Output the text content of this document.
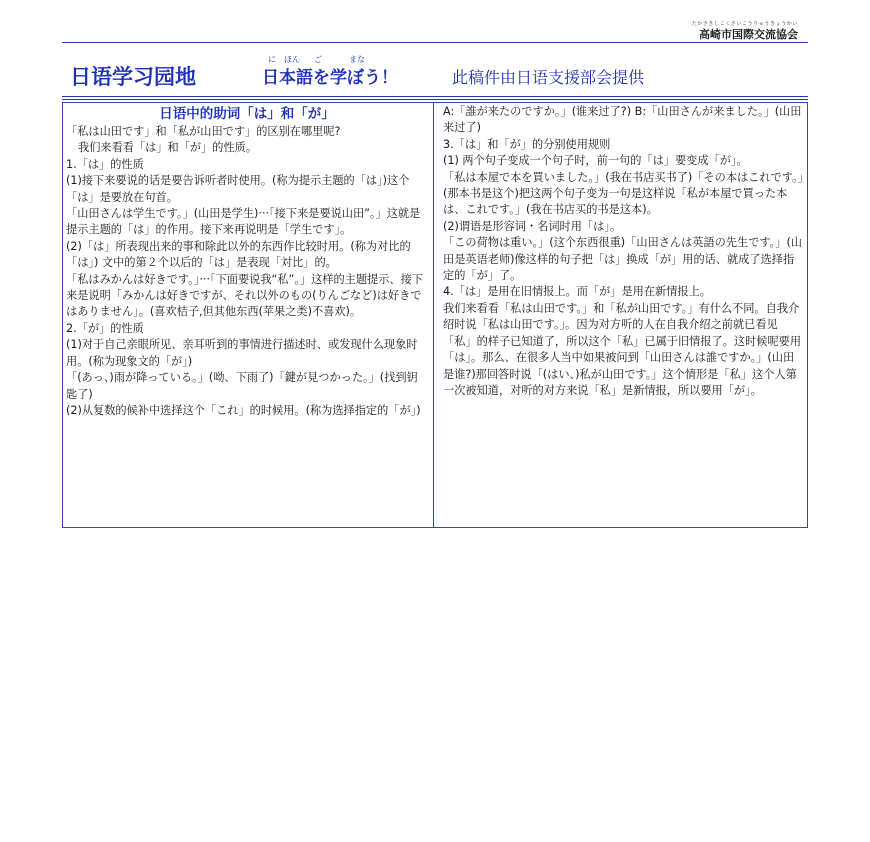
たかさきしこくさいこうりゅうきょうかい
高崎市国際交流協会
日语学习园地
に ほん ご	まな
日本語を学ぼう！	此稿件由日语支援部会提供
日语中的助词「は」和「が」

「私は山田です」和「私が山田です」的区别在哪里呢?

我们来看看「は」和「が」的性质。

1.「は」的性质

(1)接下来要说的话是要告诉听者时使用。(称为提示主题的「は」)这个「は」是要放在句首。

「山田さんは学生です。」(山田是学生)···「接下来是要说山田”。」这就是提示主题的「は」的作用。接下来再说明是「学生です」。

(2)「は」所表现出来的事和除此以外的东西作比较时用。(称为对比的「は」) 文中的第２个以后的「は」是表现「対比」的。

「私はみかんは好きです。」···「下面要说我“私”。」这样的主题提示、接下来是说明「みかんは好きですが、それ以外のもの(りんごなど)は好きではありません」。(喜欢桔子,但其他东西(苹果之类)不喜欢)。

2.「が」的性质

(1)对于自己亲眼所见、亲耳听到的事情进行描述时、或发现什么现象时用。(称为现象文的「が」)

「(あっ、)雨が降っている。」(呦、下雨了)「鍵が見つかった。」(找到钥匙了)

(2)从复数的候补中选择这个「これ」的时候用。(称为选择指定的「が」)

A:「誰が来たのですか。」(谁来过了?) B:「山田さんが来ました。」(山田来过了)

3.「は」和「が」的分别使用规则

(1) 两个句子变成一个句子时，前一句的「は」要变成「が」。

「私は本屋で本を買いました。」(我在书店买书了)「その本はこれです。」(那本书是这个)把这两个句子变为一句是这样说「私が本屋で買った本は、これです。」(我在书店买的书是这本)。

(2)谓语是形容词・名词时用「は」。

「この荷物は重い。」(这个东西很重)「山田さんは英語の先生です。」(山田是英语老师)像这样的句子把「は」换成「が」用的话、就成了选择指定的「が」了。

4.「は」是用在旧情报上。而「が」是用在新情报上。

我们来看看「私は山田です。」和「私が山田です。」有什么不同。自我介绍时说「私は山田です。」。因为对方听的人在自我介绍之前就已看见「私」的样子已知道了，所以这个「私」已属于旧情报了。这时候呢要用「は」。那么、在很多人当中如果被问到「山田さんは誰ですか。」(山田是谁?)那回答时说「(はい、)私が山田です。」这个情形是「私」这个人第一次被知道，对听的对方来说「私」是新情报，所以要用「が」。
